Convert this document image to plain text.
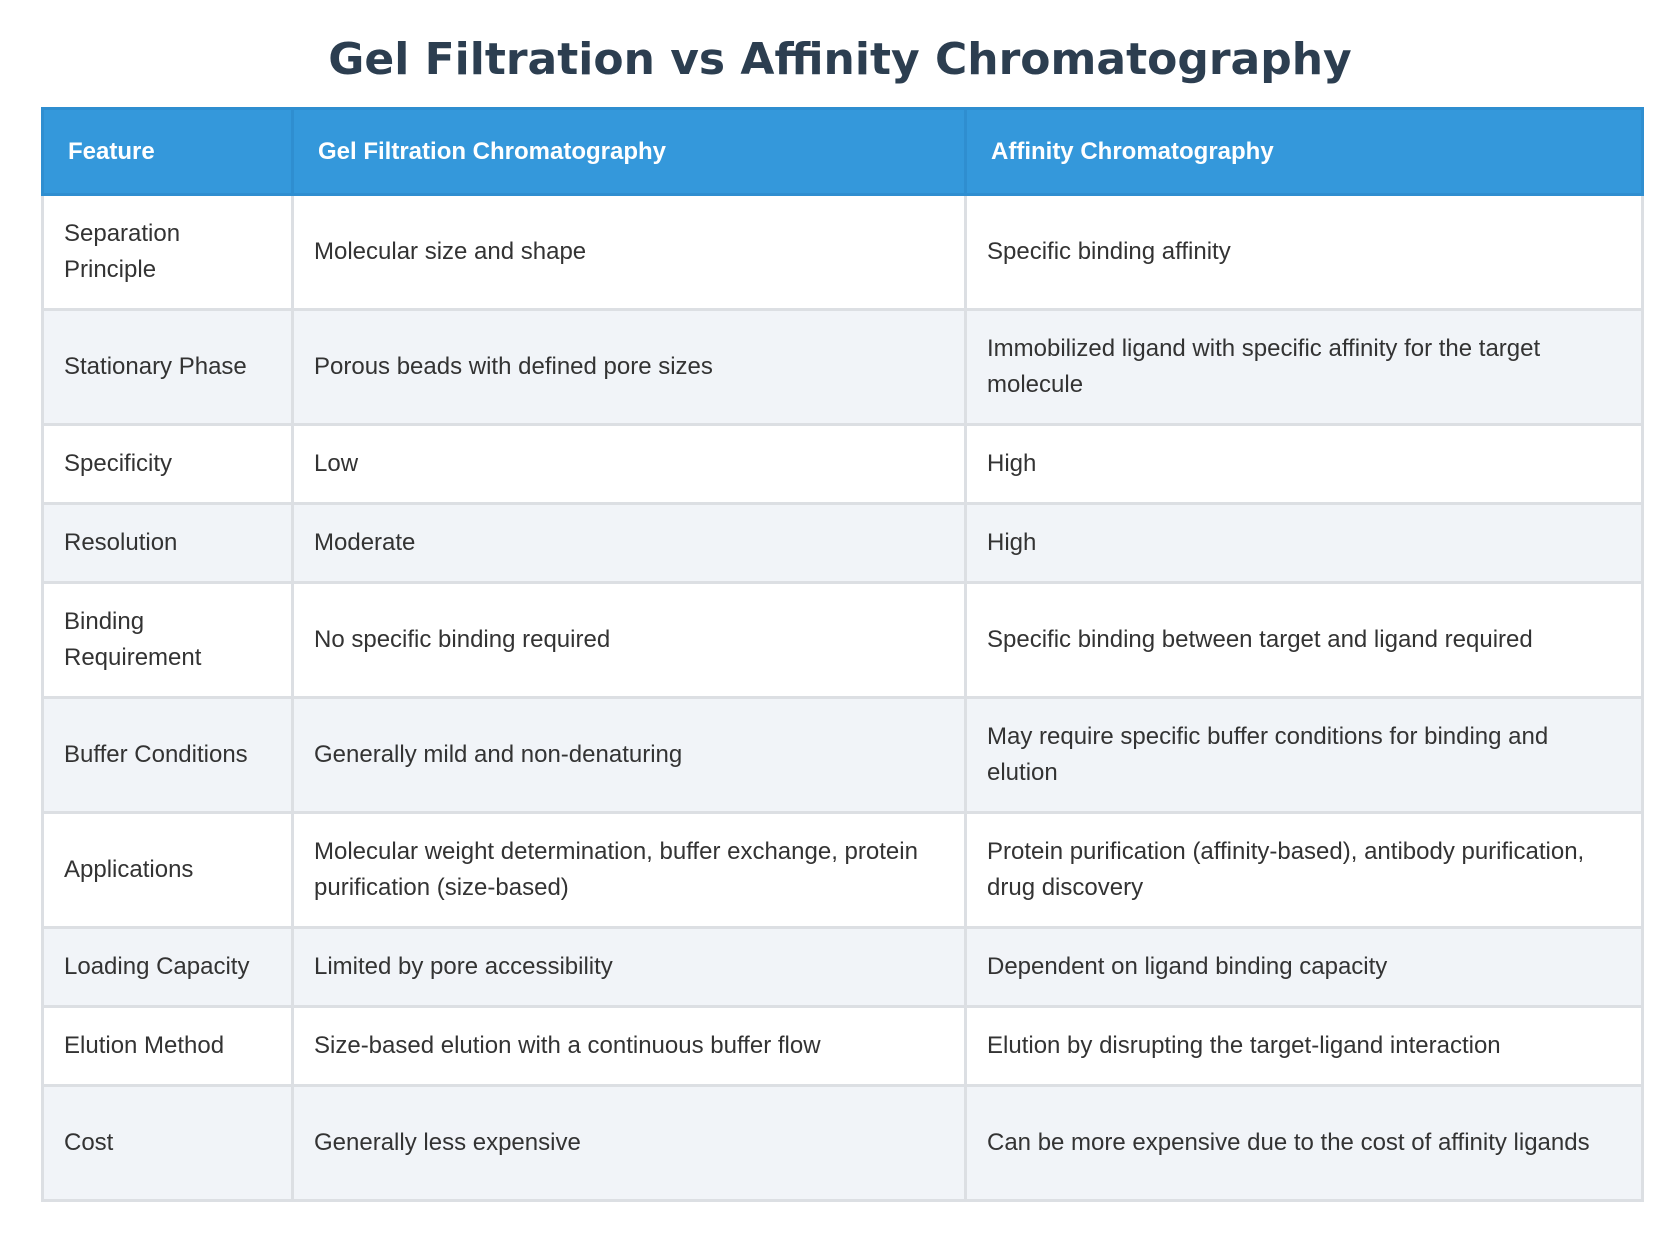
Gel Filtration vs Affinity Chromatography
Feature	Gel Filtration Chromatography	Affinity Chromatography
Separation Principle	Molecular size and shape	Specific binding affinity
Stationary Phase	Porous beads with defined pore sizes	Immobilized ligand with specific affinity for the target molecule
Specificity	Low	High
Resolution	Moderate	High
Binding Requirement	No specific binding required	Specific binding between target and ligand required
Buffer Conditions	Generally mild and non-denaturing	May require specific buffer conditions for binding and elution
Applications	Molecular weight determination, buffer exchange, protein purification (size-based)	Protein purification (affinity-based), antibody purification, drug discovery
Loading Capacity	Limited by pore accessibility	Dependent on ligand binding capacity
Elution Method	Size-based elution with a continuous buffer flow	Elution by disrupting the target-ligand interaction
Cost	Generally less expensive	Can be more expensive due to the cost of affinity ligands
